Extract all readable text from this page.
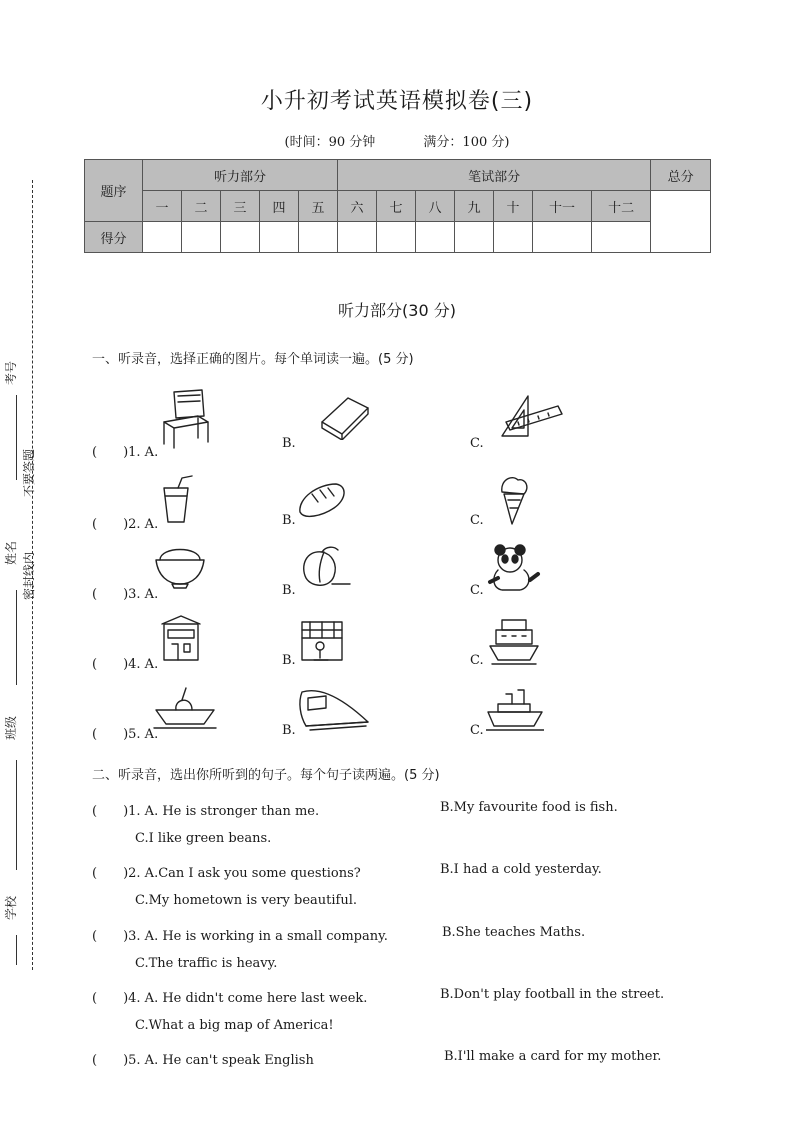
考号
不要答题
姓名 密封线内
班级
学校
小升初考试英语模拟卷(三)
(时间：90 分钟	满分：100 分)
题序	听力部分					笔试部分							总分
	一	二	三	四	五	六	七	八	九	十	十一	十二	
得分													
听力部分(30 分)
一、听录音，选择正确的图片。每个单词读一遍。(5 分)
(　　)1. A.
B.	C.
(　　)2. A.	B.	C.
(　　)3. A.	B.	C.
(　　)4. A.	B.	C.
(　　)5. A.	B.	C.
二、听录音，选出你所听到的句子。每个句子读两遍。(5 分)
(　　)1. A. He is stronger than me.	B.My favourite food is fish.
C.I like green beans.
(　　)2. A.Can I ask you some questions?	B.I had a cold yesterday.
C.My hometown is very beautiful.
(　　)3. A. He is working in a small company.	B.She teaches Maths.
C.The traffic is heavy.
(　　)4. A. He didn't come here last week.	B.Don't play football in the street.
C.What a big map of America!
(　　)5. A. He can't speak English	B.I'll make a card for my mother.
